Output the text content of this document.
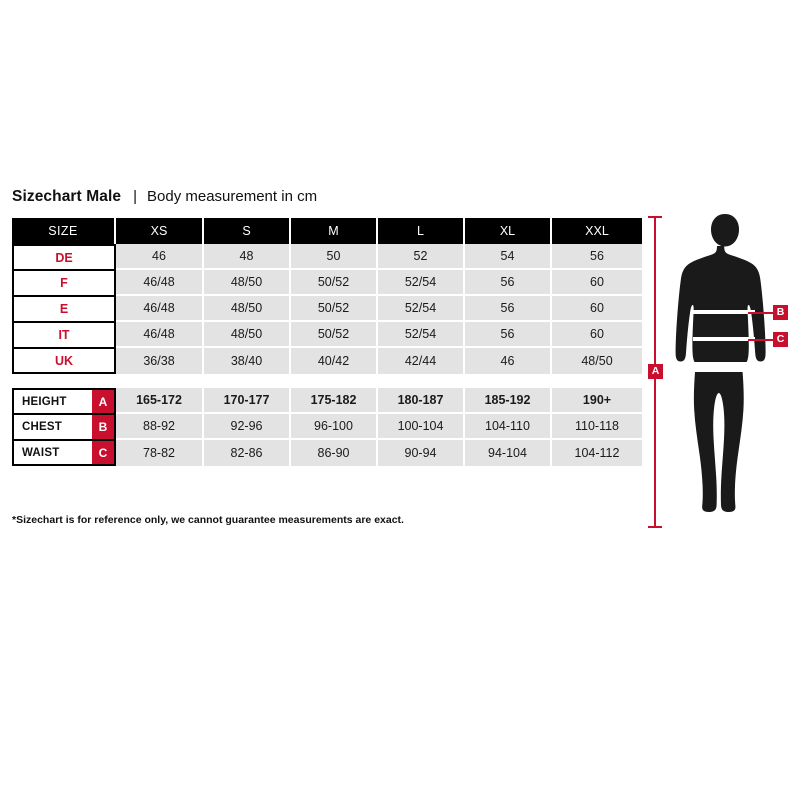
Sizechart Male | Body measurement in cm
SIZE		XS	S	M	L	XL	XXL
DE		46	48	50	52	54	56
F		46/48	48/50	50/52	52/54	56	60
E		46/48	48/50	50/52	52/54	56	60
IT		46/48	48/50	50/52	52/54	56	60
UK		36/38	38/40	40/42	42/44	46	48/50

HEIGHT	A	165-172	170-177	175-182	180-187	185-192	190+
CHEST	B	88-92	92-96	96-100	100-104	104-110	110-118
WAIST	C	78-82	82-86	86-90	90-94	94-104	104-112
*Sizechart is for reference only, we cannot guarantee measurements are exact.
A
B
C
